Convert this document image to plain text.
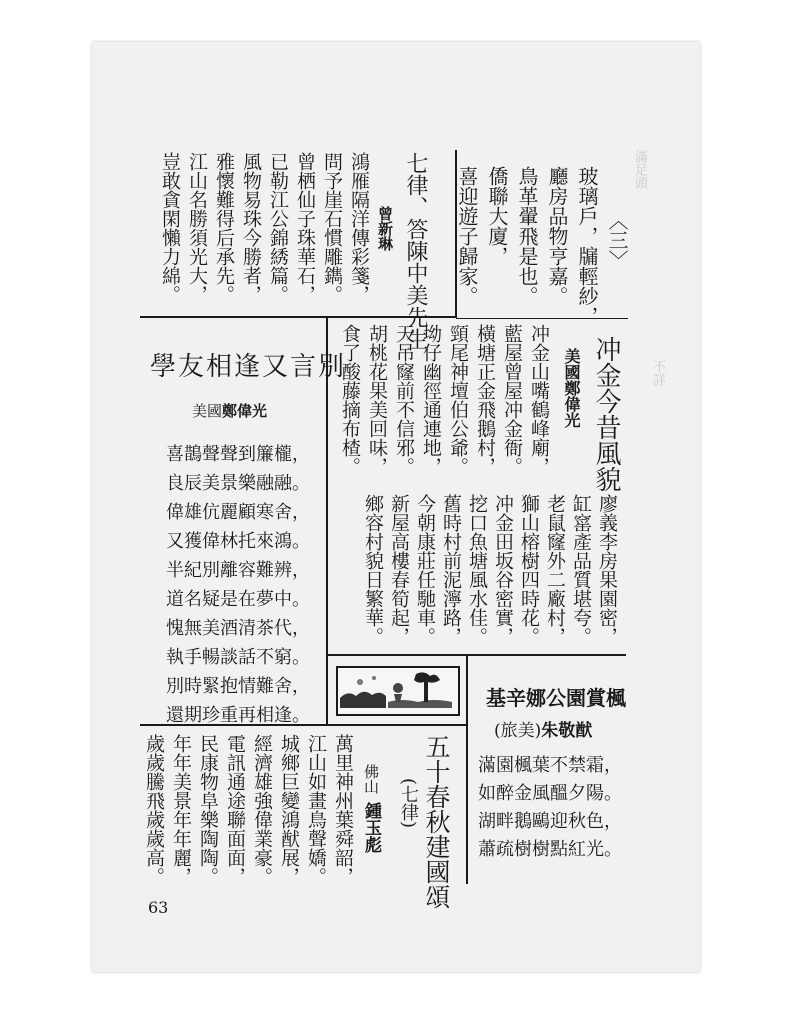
滿足頭
不詳
〈三〉
玻璃戶，牖輕紗，
廳房品物亨嘉。
鳥革翬飛是也。
僑聯大廈，
喜迎遊子歸家。
七律、答陳中美先生
曾新琳
鴻雁隔洋傳彩箋，
問予崖石慣雕鐫。
曾栖仙子珠華石，
已勒江公錦綉篇。
風物易珠今勝者，
雅懷難得后承先。
江山名勝須光大，
豈敢貪閑懶力綿。
冲金今昔風貌
美國鄭偉光
冲金山嘴鶴峰廟，
藍屋曾屋冲金衙。
橫塘正金飛鵝村，
頸尾神壇伯公爺。
坳仔幽徑通連地，
天吊窿前不信邪。
胡桃花果美回味，
食了酸藤摘布楂。
廖義李房果園密，
缸窰產品質堪夸。
老鼠窿外二廠村，
獅山榕樹四時花。
冲金田坂谷密實，
挖口魚塘風水佳。
舊時村前泥濘路，
今朝康莊任馳車。
新屋高樓春筍起，
鄉容村貌日繁華。
學友相逢又言別
美國鄭偉光
喜鵲聲聲到簾櫳，
良辰美景樂融融。
偉雄伉麗顧寒舍，
又獲偉林托來鴻。
半紀別離容難辨，
道名疑是在夢中。
愧無美酒清茶代，
執手暢談話不窮。
別時緊抱情難舍，
還期珍重再相逢。
基辛娜公園賞楓
(旅美)朱敬猷
滿園楓葉不禁霜，
如醉金風醞夕陽。
湖畔鵝鷗迎秋色，
蕭疏樹樹點紅光。
五十春秋建國頌
(七律)
佛山鍾玉彪
萬里神州葉舜韶，
江山如畫鳥聲嬌。
城鄉巨變鴻猷展，
經濟雄強偉業豪。
電訊通途聯面面，
民康物阜樂陶陶。
年年美景年年麗，
歲歲騰飛歲歲高。
63
